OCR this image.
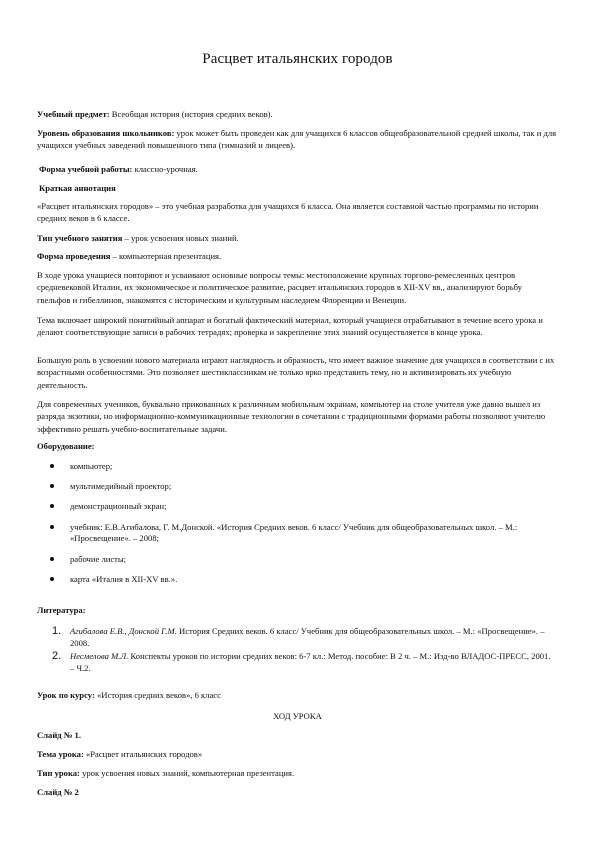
Расцвет итальянских городов

Учебный предмет: Всеобщая история (история средних веков).

Уровень образования школьников: урок может быть проведен как для учащихся 6 классов общеобразовательной средней школы, так и для учащихся учебных заведений повышенного типа (гимназий и лицеев).

Форма учебной работы: классно-урочная.

Краткая аннотация

«Расцвет итальянских городов» – это учебная разработка для учащихся 6 класса. Она является составной частью программы по истории средних веков в 6 классе.

Тип учебного занятия – урок усвоения новых знаний.

Форма проведения – компьютерная презентация.

В ходе урока учащиеся повторяют и усваивают основные вопросы темы: местоположение крупных торгово-ремесленных центров средневековой Италии, их экономическое и политическое развитие, расцвет итальянских городов в XII-XV вв., анализируют борьбу гвельфов и гибеллинов, знакомятся с историческим и культурным наследием Флоренции и Венеции.

Тема включает широкий понятийный аппарат и богатый фактический материал, который учащиеся отрабатывают в течение всего урока и делают соответствующие записи в рабочих тетрадях; проверка и закрепление этих знаний осуществляется в конце урока.

Большую роль в усвоении нового материала играют наглядность и образность, что имеет важное значение для учащихся в соответствии с их возрастными особенностями. Это позволяет шестиклассникам не только ярко представить тему, но и активизировать их учебную деятельность.

Для современных учеников, буквально прикованных к различным мобильным экранам, компьютер на столе учителя уже давно вышел из разряда экзотики, но информационно-коммуникационные технологии в сочетании с традиционными формами работы позволяют учителю эффективно решать учебно-воспитательные задачи.

Оборудование:

компьютер;
мультимедийный проектор;
демонстрационный экран;
учебник: Е.В.Агибалова, Г. М.Донской. «История Средних веков. 6 класс/ Учебник для общеобразовательных школ. – М.: «Просвещение». – 2008;
рабочие листы;
карта «Италия в XII-XV вв.».

Литература:

1. Агибалова Е.В., Донской Г.М. История Средних веков. 6 класс/ Учебник для общеобразовательных школ. – М.: «Просвещение». – 2008.
2. Несмелова М.Л. Конспекты уроков по истории средних веков: 6-7 кл.: Метод. пособие: В 2 ч. – М.: Изд-во ВЛАДОС-ПРЕСС, 2001. – Ч.2.

Урок по курсу: «История средних веков», 6 класс

ХОД УРОКА

Слайд № 1.

Тема урока: «Расцвет итальянских городов»

Тип урока: урок усвоения новых знаний, компьютерная презентация.

Слайд № 2
